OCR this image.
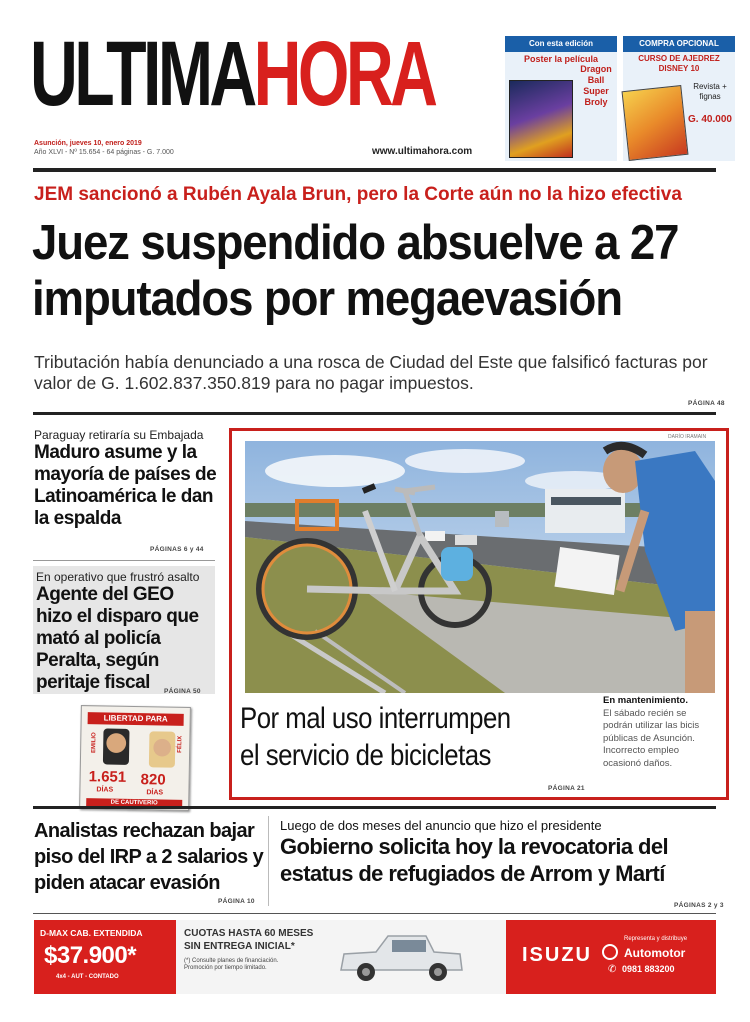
ULTIMAHORA
Asunción, jueves 10, enero 2019
Año XLVI - Nº 15.654 - 64 páginas - G. 7.000	www.ultimahora.com
Con esta edición
Poster la película
Dragon Ball Super Broly
COMPRA OPCIONAL
CURSO DE AJEDREZ DISNEY 10
Revista + fignas
G. 40.000
JEM sancionó a Rubén Ayala Brun, pero la Corte aún no la hizo efectiva
Juez suspendido absuelve a 27
imputados por megaevasión
Tributación había denunciado a una rosca de Ciudad del Este que falsificó facturas por valor de G. 1.602.837.350.819 para no pagar impuestos.
PÁGINA 48
Paraguay retiraría su Embajada
Maduro asume y la mayoría de países de Latinoamérica le dan la espalda
PÁGINAS 6 y 44
En operativo que frustró asalto
Agente del GEO hizo el disparo que mató al policía Peralta, según peritaje fiscal	PÁGINA 50
LIBERTAD PARA
EMILIO	FÉLIX
1.651 820
DÍAS	DÍAS
DE CAUTIVERIO
DARÍO IRAMAIN
Por mal uso interrumpen
el servicio de bicicletas
PÁGINA 21
En mantenimiento.
El sábado recién se podrán utilizar las bicis públicas de Asunción. Incorrecto empleo ocasionó daños.
Analistas rechazan bajar piso del IRP a 2 salarios y piden atacar evasión
PÁGINA 10
Luego de dos meses del anuncio que hizo el presidente
Gobierno solicita hoy la revocatoria del estatus de refugiados de Arrom y Martí
PÁGINAS 2 y 3
D-MAX CAB. EXTENDIDA
$37.900*
4x4 - AUT - CONTADO
CUOTAS HASTA 60 MESES
SIN ENTREGA INICIAL*
(*) Consulte planes de financiación. Promoción por tiempo limitado.
ISUZU
Representa y distribuye
Automotor
✆ 0981 883200
